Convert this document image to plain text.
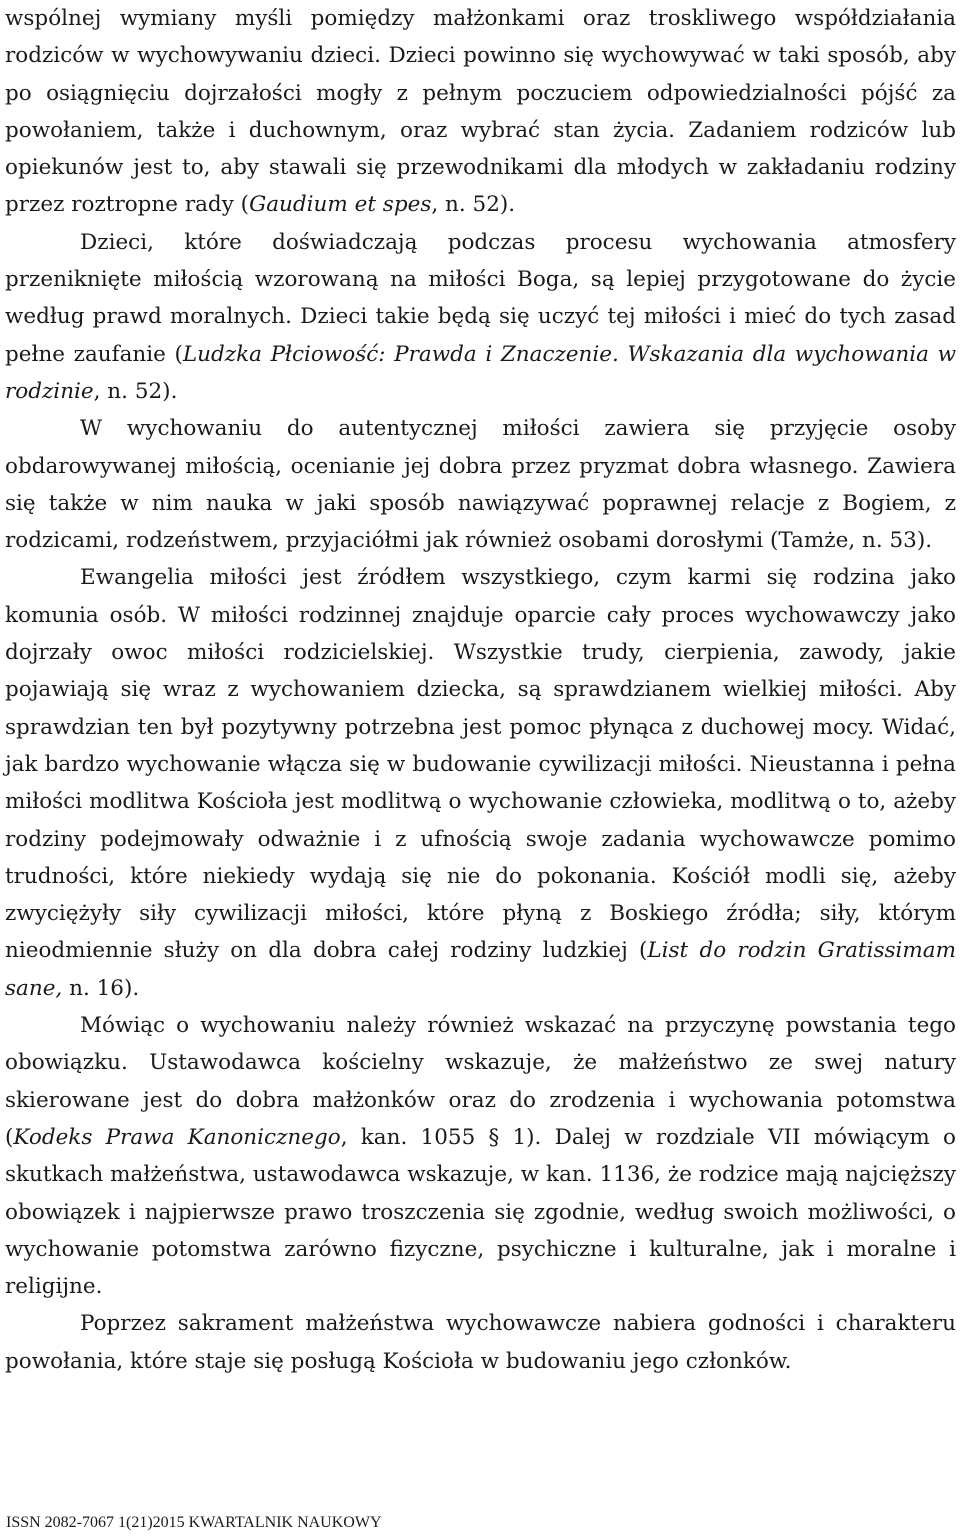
wspólnej wymiany myśli pomiędzy małżonkami oraz troskliwego współdziałania rodziców w wychowywaniu dzieci. Dzieci powinno się wychowywać w taki sposób, aby po osiągnięciu dojrzałości mogły z pełnym poczuciem odpowiedzialności pójść za powołaniem, także i duchownym, oraz wybrać stan życia. Zadaniem rodziców lub opiekunów jest to, aby stawali się przewodnikami dla młodych w zakładaniu rodziny przez roztropne rady (Gaudium et spes, n. 52).

Dzieci, które doświadczają podczas procesu wychowania atmosfery przeniknięte miłością wzorowaną na miłości Boga, są lepiej przygotowane do życie według prawd moralnych. Dzieci takie będą się uczyć tej miłości i mieć do tych zasad pełne zaufanie (Ludzka Płciowość: Prawda i Znaczenie. Wskazania dla wychowania w rodzinie, n. 52).

W wychowaniu do autentycznej miłości zawiera się przyjęcie osoby obdarowywanej miłością, ocenianie jej dobra przez pryzmat dobra własnego. Zawiera się także w nim nauka w jaki sposób nawiązywać poprawnej relacje z Bogiem, z rodzicami, rodzeństwem, przyjaciółmi jak również osobami dorosłymi (Tamże, n. 53).

Ewangelia miłości jest źródłem wszystkiego, czym karmi się rodzina jako komunia osób. W miłości rodzinnej znajduje oparcie cały proces wychowawczy jako dojrzały owoc miłości rodzicielskiej. Wszystkie trudy, cierpienia, zawody, jakie pojawiają się wraz z wychowaniem dziecka, są sprawdzianem wielkiej miłości. Aby sprawdzian ten był pozytywny potrzebna jest pomoc płynąca z duchowej mocy. Widać, jak bardzo wychowanie włącza się w budowanie cywilizacji miłości. Nieustanna i pełna miłości modlitwa Kościoła jest modlitwą o wychowanie człowieka, modlitwą o to, ażeby rodziny podejmowały odważnie i z ufnością swoje zadania wychowawcze pomimo trudności, które niekiedy wydają się nie do pokonania. Kościół modli się, ażeby zwyciężyły siły cywilizacji miłości, które płyną z Boskiego źródła; siły, którym nieodmiennie służy on dla dobra całej rodziny ludzkiej (List do rodzin Gratissimam sane, n. 16).

Mówiąc o wychowaniu należy również wskazać na przyczynę powstania tego obowiązku. Ustawodawca kościelny wskazuje, że małżeństwo ze swej natury skierowane jest do dobra małżonków oraz do zrodzenia i wychowania potomstwa (Kodeks Prawa Kanonicznego, kan. 1055 § 1). Dalej w rozdziale VII mówiącym o skutkach małżeństwa, ustawodawca wskazuje, w kan. 1136, że rodzice mają najcięższy obowiązek i najpierwsze prawo troszczenia się zgodnie, według swoich możliwości, o wychowanie potomstwa zarówno fizyczne, psychiczne i kulturalne, jak i moralne i religijne.

Poprzez sakrament małżeństwa wychowawcze nabiera godności i charakteru powołania, które staje się posługą Kościoła w budowaniu jego członków.

ISSN 2082-7067 1(21)2015 KWARTALNIK NAUKOWY
